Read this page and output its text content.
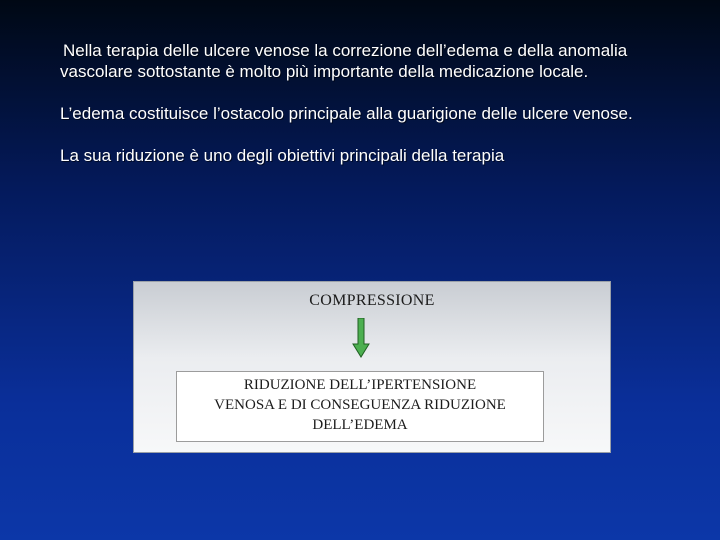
Nella terapia delle ulcere venose la correzione dell’edema e della anomalia vascolare sottostante è molto più importante della medicazione locale.

L’edema costituisce l’ostacolo principale alla guarigione delle ulcere venose.

La sua riduzione è uno degli obiettivi principali della terapia

COMPRESSIONE
RIDUZIONE DELL’IPERTENSIONE
VENOSA E DI CONSEGUENZA RIDUZIONE
DELL’EDEMA
